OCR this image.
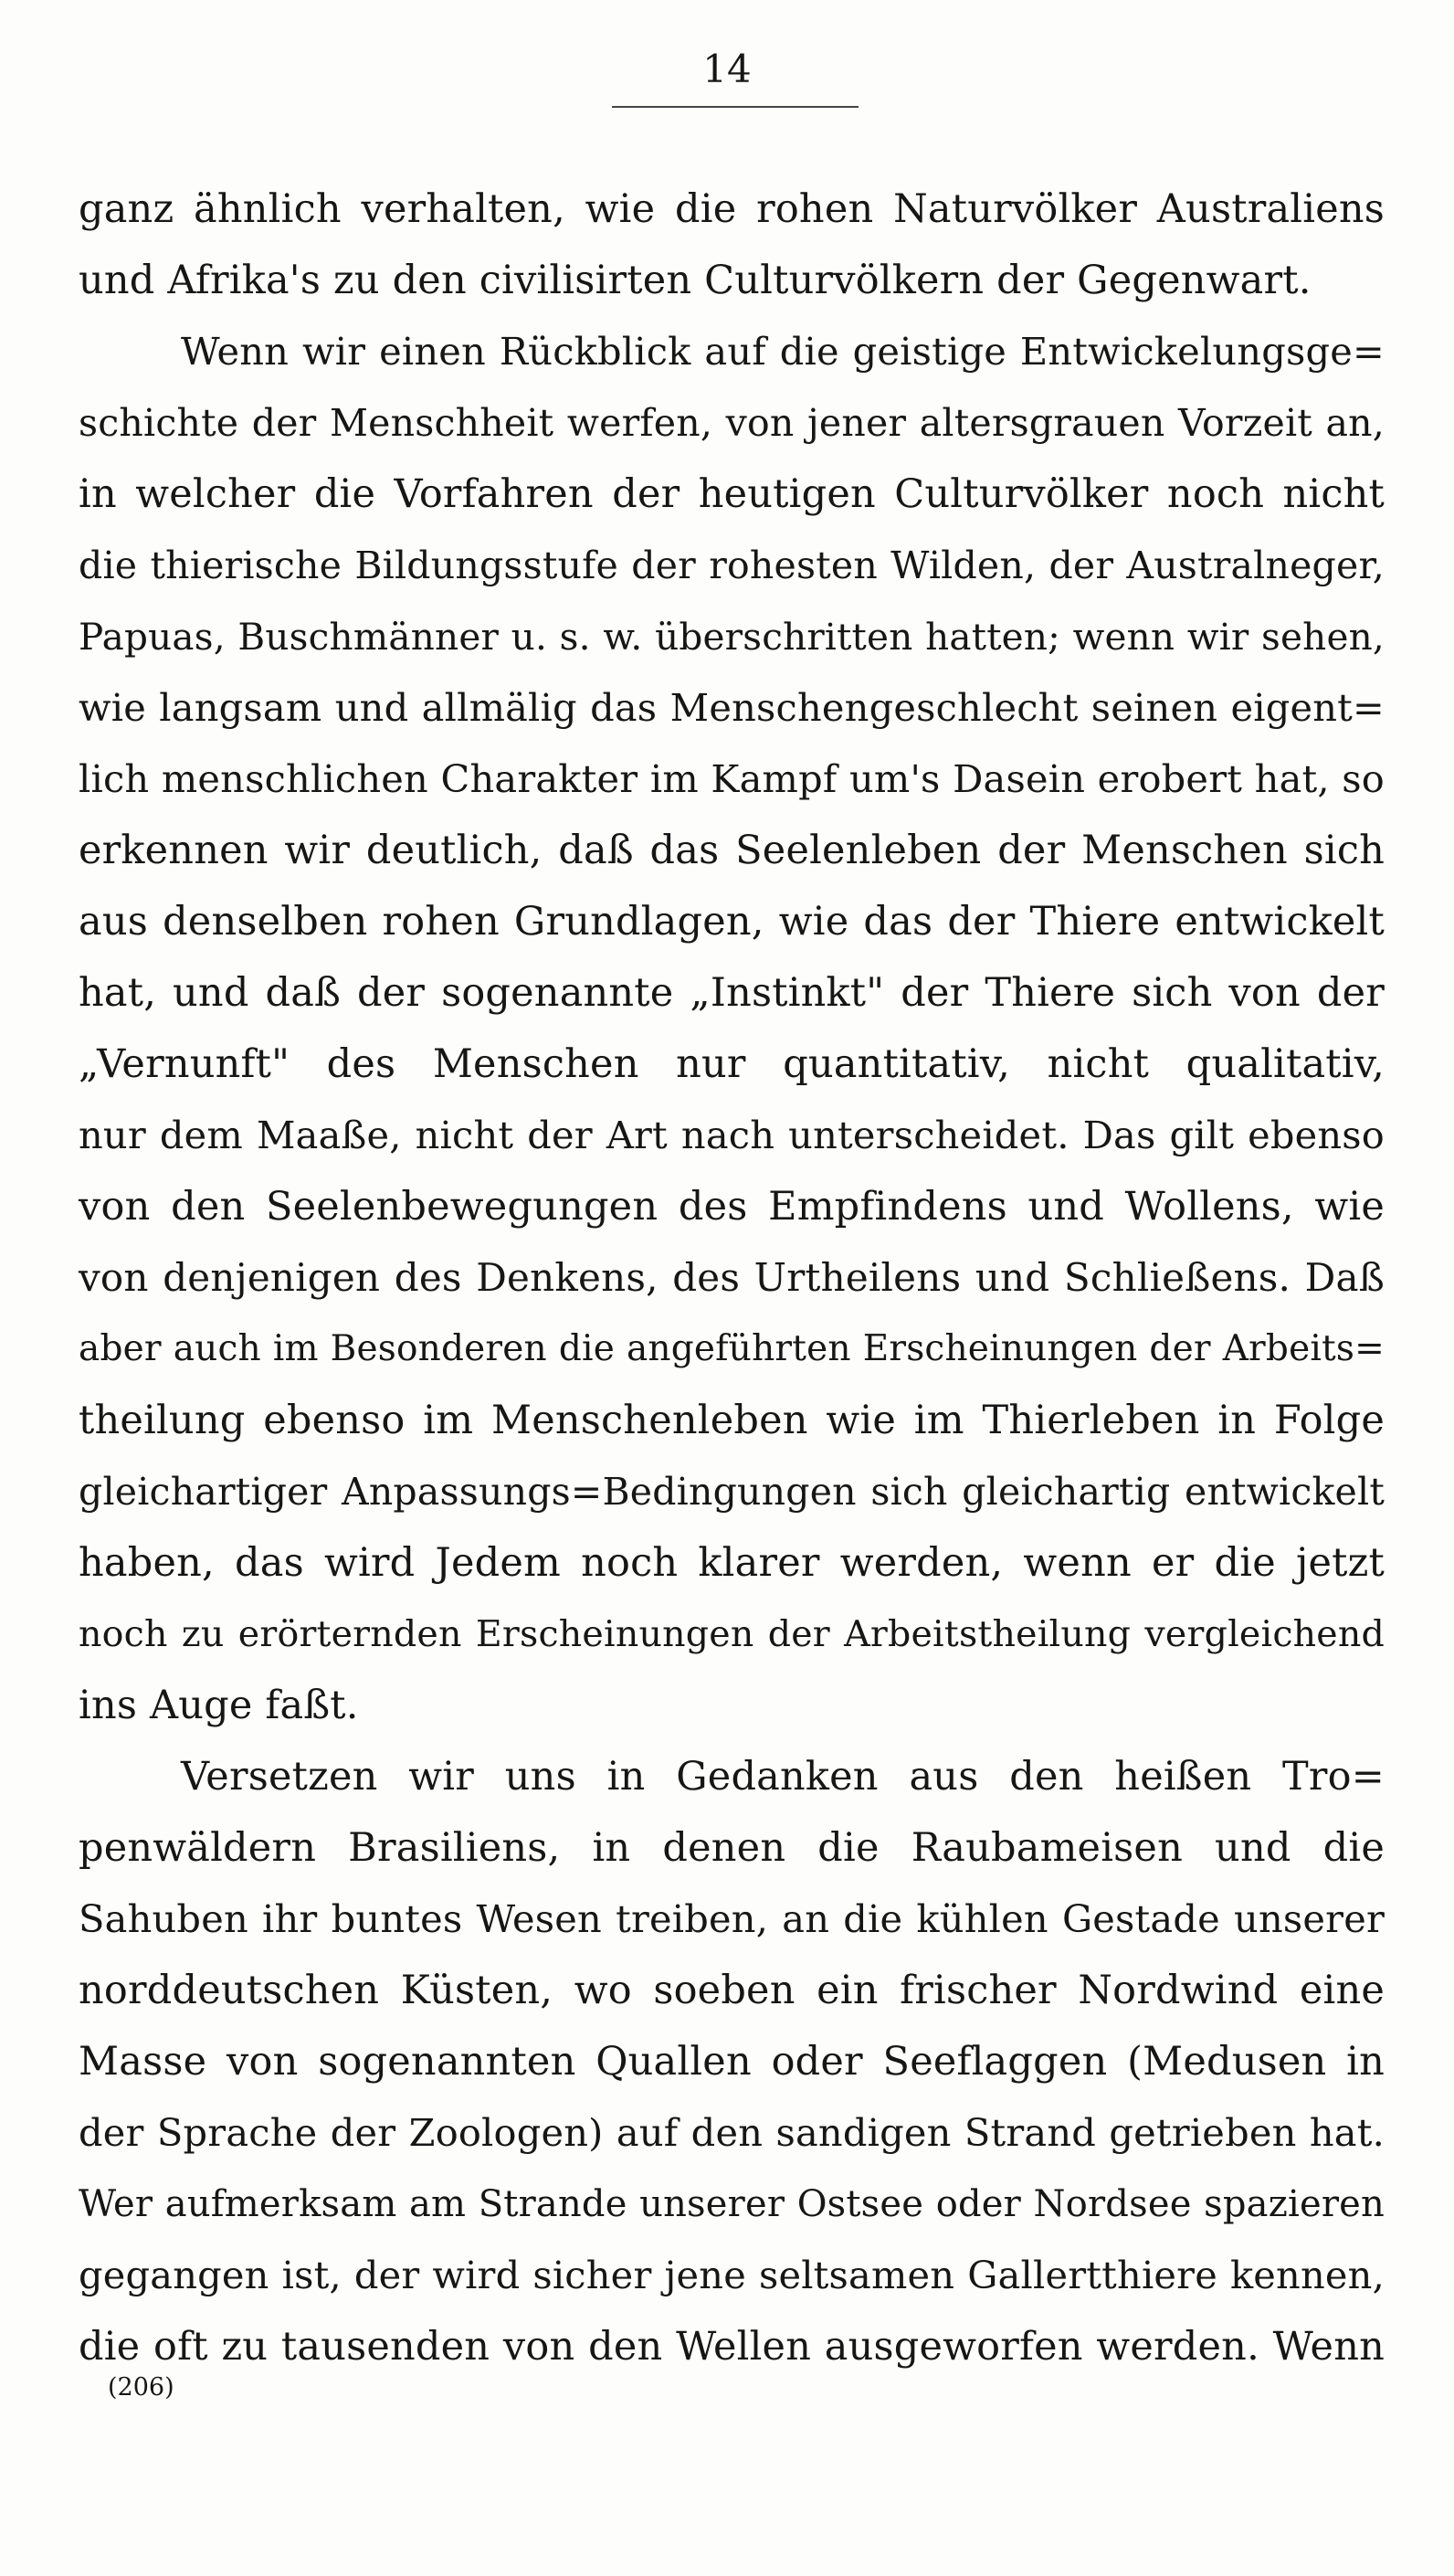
14
ganz ähnlich verhalten, wie die rohen Naturvölker Australiens
und Afrika's zu den civilisirten Culturvölkern der Gegenwart.
Wenn wir einen Rückblick auf die geistige Entwickelungsge=
schichte der Menschheit werfen, von jener altersgrauen Vorzeit an,
in welcher die Vorfahren der heutigen Culturvölker noch nicht
die thierische Bildungsstufe der rohesten Wilden, der Australneger,
Papuas, Buschmänner u. s. w. überschritten hatten; wenn wir sehen,
wie langsam und allmälig das Menschengeschlecht seinen eigent=
lich menschlichen Charakter im Kampf um's Dasein erobert hat, so
erkennen wir deutlich, daß das Seelenleben der Menschen sich
aus denselben rohen Grundlagen, wie das der Thiere entwickelt
hat, und daß der sogenannte „Instinkt" der Thiere sich von der
„Vernunft" des Menschen nur quantitativ, nicht qualitativ,
nur dem Maaße, nicht der Art nach unterscheidet. Das gilt ebenso
von den Seelenbewegungen des Empfindens und Wollens, wie
von denjenigen des Denkens, des Urtheilens und Schließens. Daß
aber auch im Besonderen die angeführten Erscheinungen der Arbeits=
theilung ebenso im Menschenleben wie im Thierleben in Folge
gleichartiger Anpassungs=Bedingungen sich gleichartig entwickelt
haben, das wird Jedem noch klarer werden, wenn er die jetzt
noch zu erörternden Erscheinungen der Arbeitstheilung vergleichend
ins Auge faßt.
Versetzen wir uns in Gedanken aus den heißen Tro=
penwäldern Brasiliens, in denen die Raubameisen und die
Sahuben ihr buntes Wesen treiben, an die kühlen Gestade unserer
norddeutschen Küsten, wo soeben ein frischer Nordwind eine
Masse von sogenannten Quallen oder Seeflaggen (Medusen in
der Sprache der Zoologen) auf den sandigen Strand getrieben hat.
Wer aufmerksam am Strande unserer Ostsee oder Nordsee spazieren
gegangen ist, der wird sicher jene seltsamen Gallertthiere kennen,
die oft zu tausenden von den Wellen ausgeworfen werden. Wenn
(206)
